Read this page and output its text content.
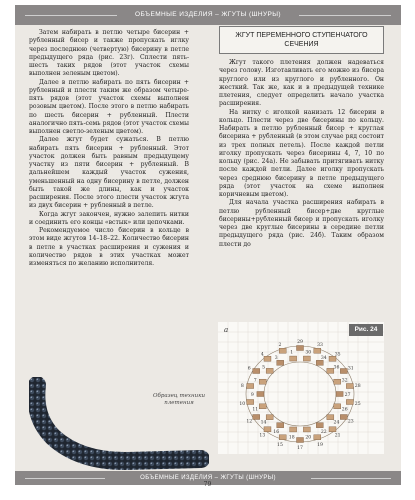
ОБЪЕМНЫЕ ИЗДЕЛИЯ – ЖГУТЫ (ШНУРЫ)
ОБЪЕМНЫЕ ИЗДЕЛИЯ – ЖГУТЫ (ШНУРЫ)

Затем набирать в петлю четыре бисерин + рубленный бисер и также пропускать иглку через последнюю (четвертую) бисерину в петле предыдущего ряда (рис. 23г). Сплести пять-шесть таких рядов (этот участок схемы выполнен зеленым цветом).

Далее в петлю набирать по пять бисерин + рубленный и плести таким же образом четыре-пять рядов (этот участок схемы выполнен розовым цветом). После этого в петлю набирать по шесть бисерин + рубленный. Плести аналогично пять-семь рядов (этот участок схемы выполнен светло-зеленым цветом).

Далее жгут будет сужаться. В петлю набирать пять бисерин + рубленный. Этот участок должен быть равным предыдущему участку из пяти бисерин + рубленный. В дальнейшем каждый участок сужения, уменьшенный на одну бисерину в петле, должен быть такой же длины, как и участок расширения. После этого плести участок жгута из двух бисерин + рубленный в петле.

Когда жгут закончен, нужно залепить нитки и соединить его концы «встык» или цепочками.

Рекомендуемое число бисерин в кольце в этом виде жгутов 14–18–22. Количество бисерин в петле в участках расширения и сужения и количество рядов в этих участках может изменяться по желанию исполнителя.

Образец техники плетения
ЖГУТ ПЕРЕМЕННОГО СТУПЕНЧАТОГО СЕЧЕНИЯ

Жгут такого плетения должен надеваться через голову. Изготавливать его можно из бисера круглого или из круглого и рубленного. Он жесткий. Так же, как и в предыдущей технике плетения, следует определить начало участка расширения.

На нитку с иголкой нанизать 12 бисерин в кольцо. Плести через две бисерины по кольцу. Набирать в петлю рубленный бисер + круглая бисерина + рубленный (в этом случае ряд состоит из трех полных петель). После каждой петли иголку пропускать через бисерины 4, 7, 10 по кольцу (рис. 24а). Не забывать притягивать нитку после каждой петли. Далее иголку пропускать через среднюю бисерину в петле предыдущего ряда (этот участок на схеме выполнен коричневым цветом).

Для начала участка расширения набирать в петлю рубленный бисер+две круглые бисерины+рубленный бисер и пропускать иголку через две круглые бисерины в середине петли предыдущего ряда (рис. 24б). Таким образом плести до

a
29
30
33
34
35
36 31
32
28
27
25
26
23
24
21
22
19
20
17
18
15
16
13
14
12
11
10
9
8
7
6 5
4
3
2
1
Рис. 24
79
